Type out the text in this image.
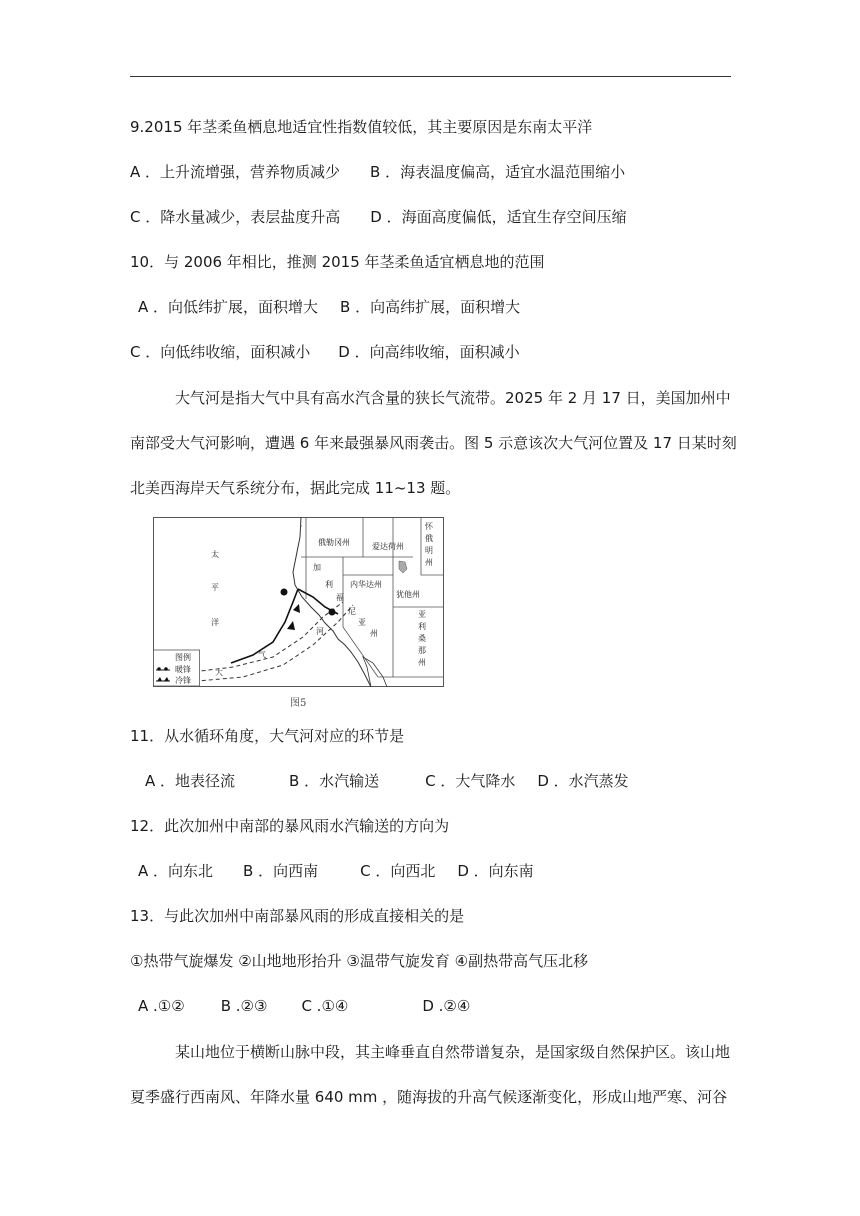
9.2015 年茎柔鱼栖息地适宜性指数值较低，其主要原因是东南太平洋
A ．上升流增强，营养物质减少 B ．海表温度偏高，适宜水温范围缩小
C ．降水量减少，表层盐度升高 D ．海面高度偏低，适宜生存空间压缩
10．与 2006 年相比，推测 2015 年茎柔鱼适宜栖息地的范围
A ．向低纬扩展，面积增大 B ．向高纬扩展，面积增大
C ．向低纬收缩，面积减小 D ．向高纬收缩，面积减小
大气河是指大气中具有高水汽含量的狭长气流带。2025 年 2 月 17 日，美国加州中
南部受大气河影响，遭遇 6 年来最强暴风雨袭击。图 5 示意该次大气河位置及 17 日某时刻
北美西海岸天气系统分布，据此完成 11~13 题。
太
平
洋
俄勒冈州	爱达荷州
怀
俄
明
州
内华达州
犹他州
亚
利
桑
那
州
加
利
福
尼
亚
州
河
气
大
图例
暖锋
冷锋
图5
11．从水循环角度，大气河对应的环节是
A ．地表径流	B ．水汽输送	C ．大气降水 D ．水汽蒸发
12．此次加州中南部的暴风雨水汽输送的方向为
A ．向东北 B ．向西南	C ．向西北 D ．向东南
13．与此次加州中南部暴风雨的形成直接相关的是
①热带气旋爆发 ②山地地形抬升 ③温带气旋发育 ④副热带高气压北移
A .①② B .②③ C .①④	D .②④
某山地位于横断山脉中段，其主峰垂直自然带谱复杂，是国家级自然保护区。该山地
夏季盛行西南风、年降水量 640 mm ，随海拔的升高气候逐渐变化，形成山地严寒、河谷
